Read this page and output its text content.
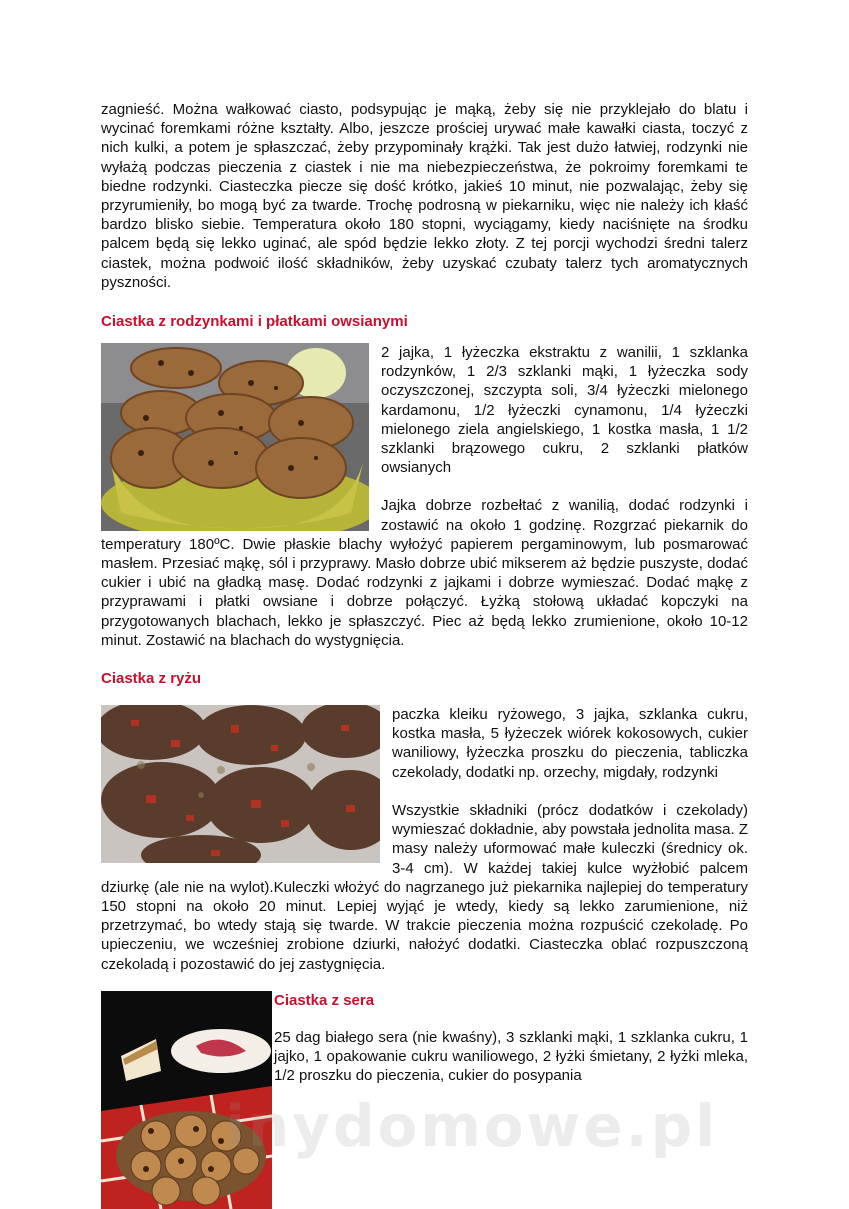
zagnieść. Można wałkować ciasto, podsypując je mąką, żeby się nie przyklejało do blatu i wycinać foremkami różne kształty. Albo, jeszcze prościej urywać małe kawałki ciasta, toczyć z nich kulki, a potem je spłaszczać, żeby przypominały krążki. Tak jest dużo łatwiej, rodzynki nie wyłażą podczas pieczenia z ciastek i nie ma niebezpieczeństwa, że pokroimy foremkami te biedne rodzynki. Ciasteczka piecze się dość krótko, jakieś 10 minut, nie pozwalając, żeby się przyrumieniły, bo mogą być za twarde. Trochę podrosną w piekarniku, więc nie należy ich kłaść bardzo blisko siebie. Temperatura około 180 stopni, wyciągamy, kiedy naciśnięte na środku palcem będą się lekko uginać, ale spód będzie lekko złoty. Z tej porcji wychodzi średni talerz ciastek, można podwoić ilość składników, żeby uzyskać czubaty talerz tych aromatycznych pyszności.

Ciastka z rodzynkami i płatkami owsianymi

2 jajka, 1 łyżeczka ekstraktu z wanilii, 1 szklanka rodzynków, 1 2/3 szklanki mąki, 1 łyżeczka sody oczyszczonej, szczypta soli, 3/4 łyżeczki mielonego kardamonu, 1/2 łyżeczki cynamonu, 1/4 łyżeczki mielonego ziela angielskiego, 1 kostka masła, 1 1/2 szklanki brązowego cukru, 2 szklanki płatków owsianych

Jajka dobrze rozbełtać z wanilią, dodać rodzynki i zostawić na około 1 godzinę. Rozgrzać piekarnik do temperatury 180ºC. Dwie płaskie blachy wyłożyć papierem pergaminowym, lub posmarować masłem. Przesiać mąkę, sól i przyprawy. Masło dobrze ubić mikserem aż będzie puszyste, dodać cukier i ubić na gładką masę. Dodać rodzynki z jajkami i dobrze wymieszać. Dodać mąkę z przyprawami i płatki owsiane i dobrze połączyć. Łyżką stołową układać kopczyki na przygotowanych blachach, lekko je spłaszczyć. Piec aż będą lekko zrumienione, około 10-12 minut. Zostawić na blachach do wystygnięcia.

Ciastka z ryżu

paczka kleiku ryżowego, 3 jajka, szklanka cukru, kostka masła, 5 łyżeczek wiórek kokosowych, cukier waniliowy, łyżeczka proszku do pieczenia, tabliczka czekolady, dodatki np. orzechy, migdały, rodzynki

Wszystkie składniki (prócz dodatków i czekolady) wymieszać dokładnie, aby powstała jednolita masa. Z masy należy uformować małe kuleczki (średnicy ok. 3-4 cm). W każdej takiej kulce wyżłobić palcem dziurkę (ale nie na wylot).Kuleczki włożyć do nagrzanego już piekarnika najlepiej do temperatury 150 stopni na około 20 minut. Lepiej wyjąć je wtedy, kiedy są lekko zarumienione, niż przetrzymać, bo wtedy stają się twarde. W trakcie pieczenia można rozpuścić czekoladę. Po upieczeniu, we wcześniej zrobione dziurki, nałożyć dodatki. Ciasteczka oblać rozpuszczoną czekoladą i pozostawić do jej zastygnięcia.

Ciastka z sera

25 dag białego sera (nie kwaśny), 3 szklanki mąki, 1 szklanka cukru, 1 jajko, 1 opakowanie cukru waniliowego, 2 łyżki śmietany, 2 łyżki mleka, 1/2 proszku do pieczenia, cukier do posypania

inydomowe.pl
